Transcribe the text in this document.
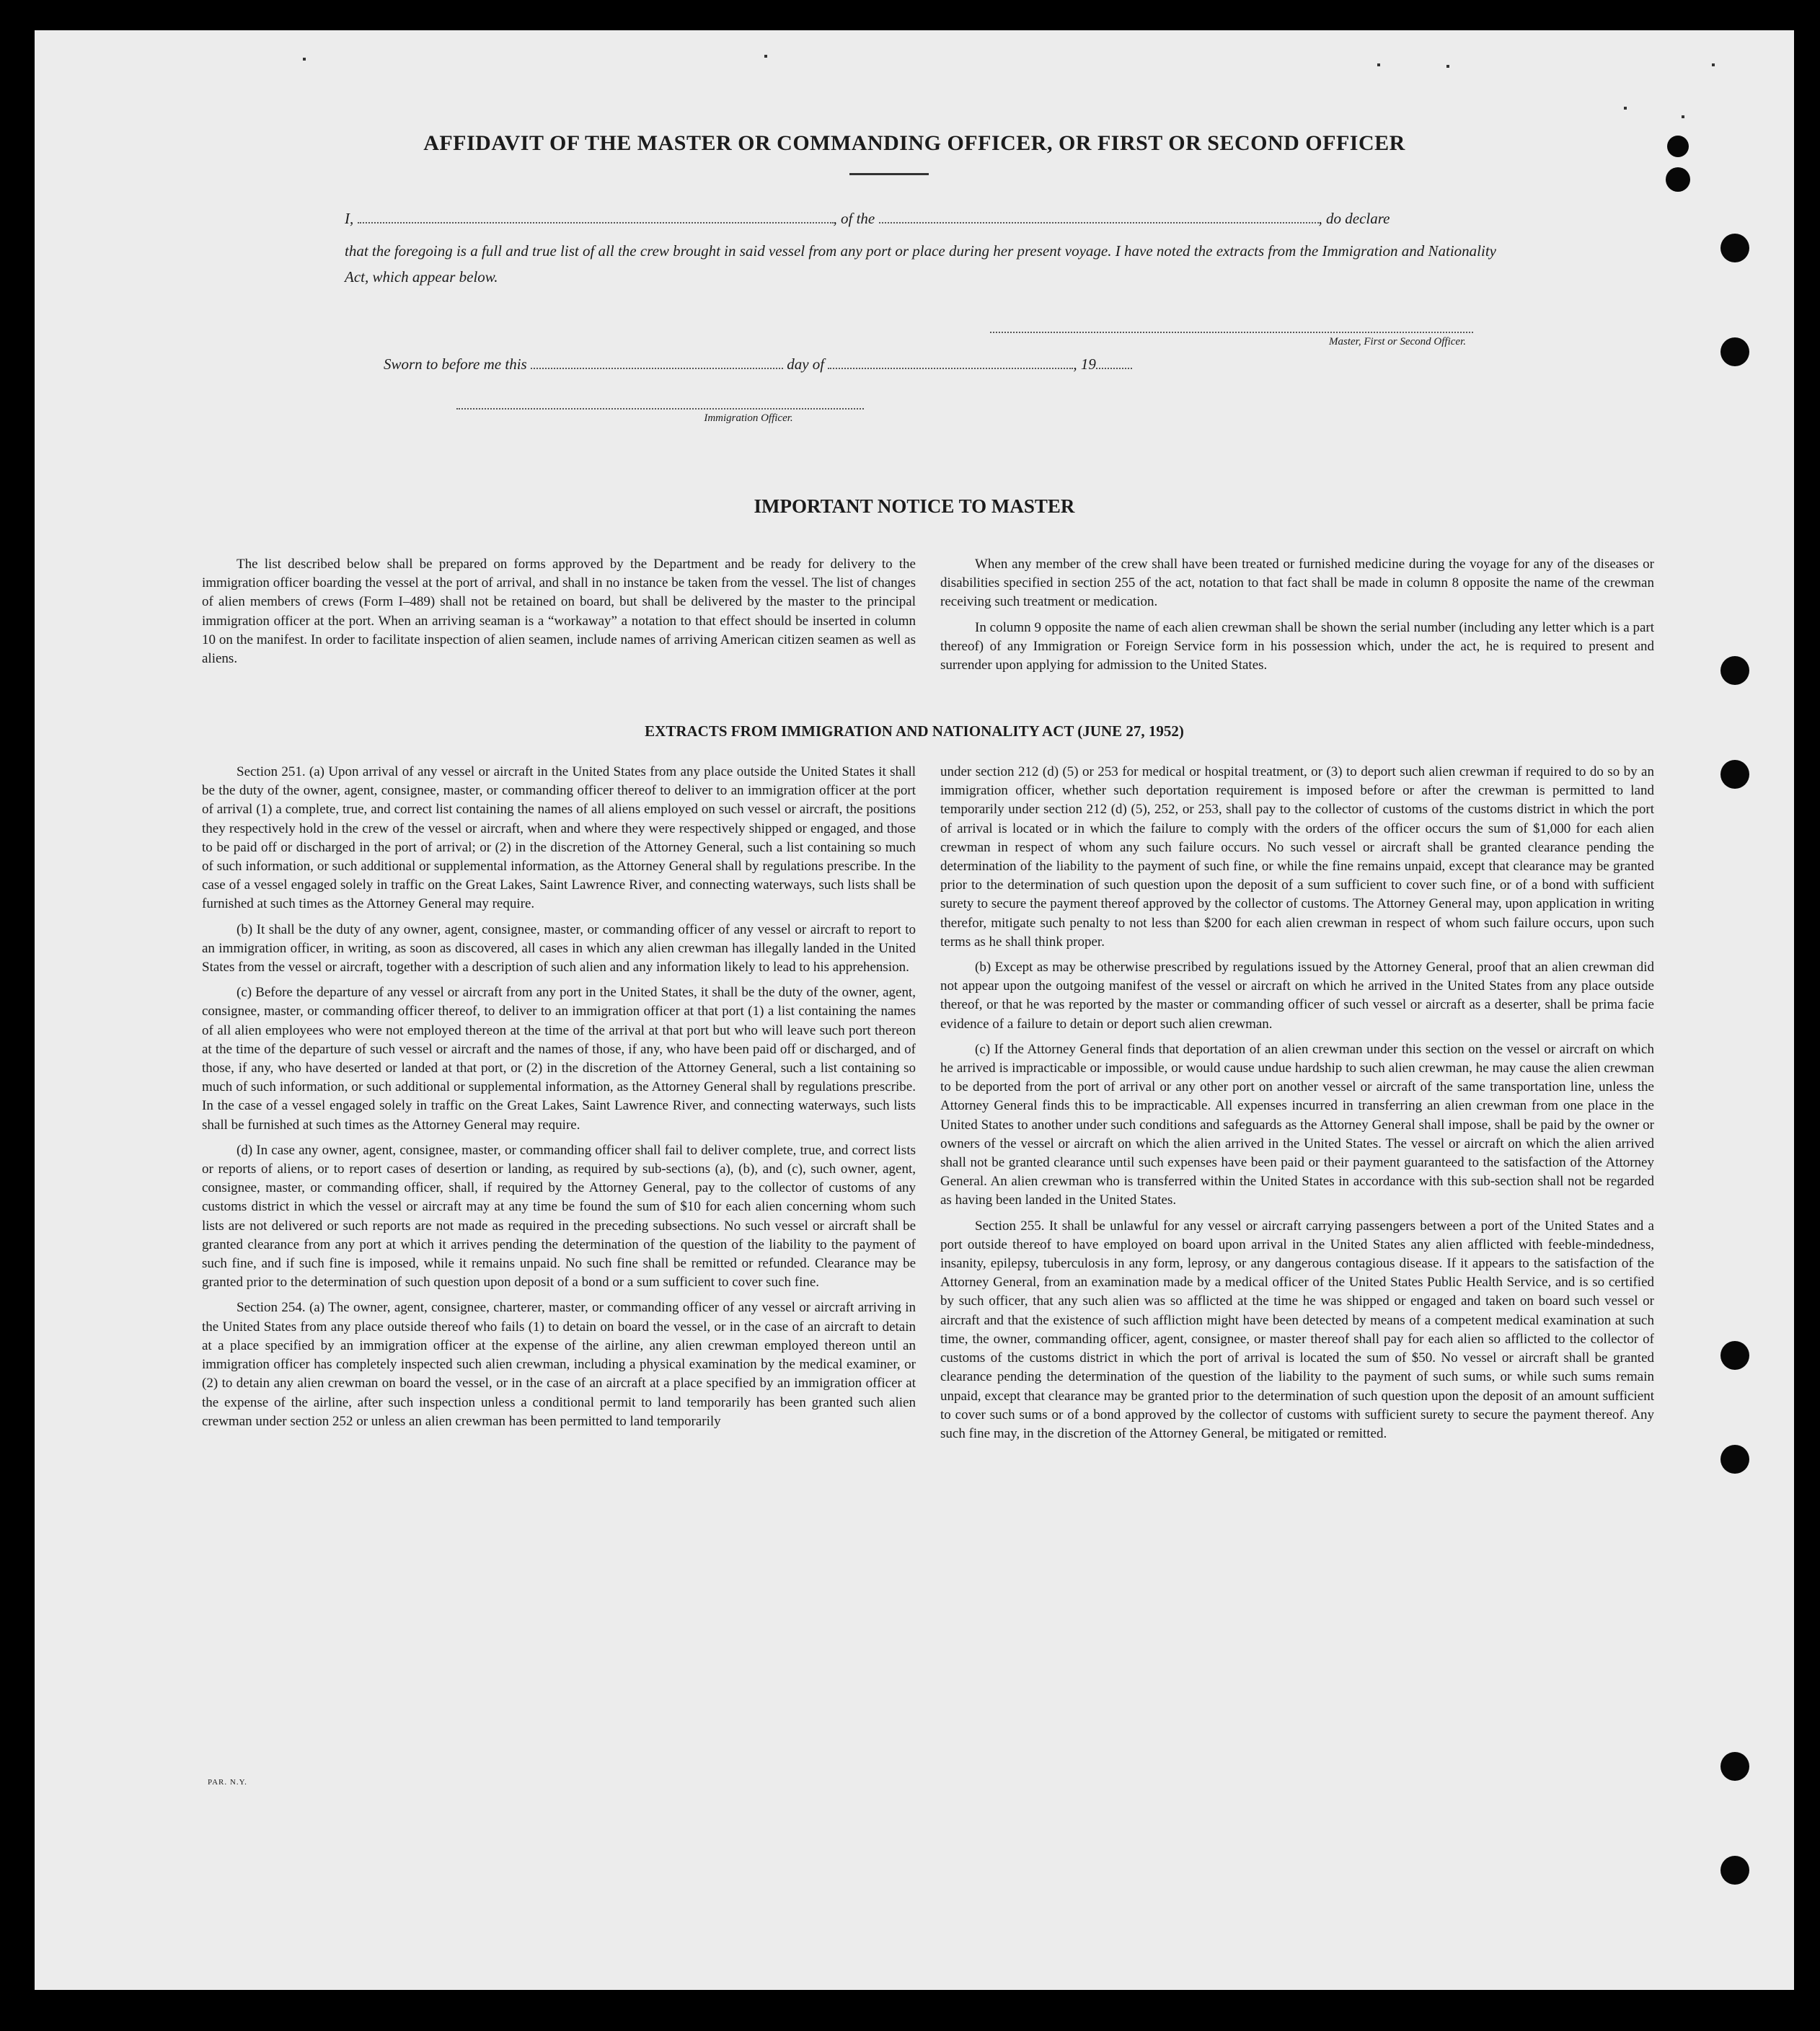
AFFIDAVIT OF THE MASTER OR COMMANDING OFFICER, OR FIRST OR SECOND OFFICER
I,	, of the	, do declare
that the foregoing is a full and true list of all the crew brought in said vessel from any port or place during her present voyage. I have noted the extracts from the Immigration and Nationality Act, which appear below.
Master, First or Second Officer.
Sworn to before me this	day of	, 19
Immigration Officer.
IMPORTANT NOTICE TO MASTER

The list described below shall be prepared on forms approved by the Department and be ready for delivery to the immigration officer boarding the vessel at the port of arrival, and shall in no instance be taken from the vessel. The list of changes of alien members of crews (Form I–489) shall not be retained on board, but shall be delivered by the master to the principal immigration officer at the port. When an arriving seaman is a “workaway” a notation to that effect should be inserted in column 10 on the manifest. In order to facilitate inspection of alien seamen, include names of arriving American citizen seamen as well as aliens.

When any member of the crew shall have been treated or furnished medicine during the voyage for any of the diseases or disabilities specified in section 255 of the act, notation to that fact shall be made in column 8 opposite the name of the crewman receiving such treatment or medication.

In column 9 opposite the name of each alien crewman shall be shown the serial number (including any letter which is a part thereof) of any Immigration or Foreign Service form in his possession which, under the act, he is required to present and surrender upon applying for admission to the United States.

EXTRACTS FROM IMMIGRATION AND NATIONALITY ACT (JUNE 27, 1952)

Section 251. (a) Upon arrival of any vessel or aircraft in the United States from any place outside the United States it shall be the duty of the owner, agent, consignee, master, or commanding officer thereof to deliver to an immigration officer at the port of arrival (1) a complete, true, and correct list containing the names of all aliens employed on such vessel or aircraft, the positions they respectively hold in the crew of the vessel or aircraft, when and where they were respectively shipped or engaged, and those to be paid off or discharged in the port of arrival; or (2) in the discretion of the Attorney General, such a list containing so much of such information, or such additional or supplemental information, as the Attorney General shall by regulations prescribe. In the case of a vessel engaged solely in traffic on the Great Lakes, Saint Lawrence River, and connecting waterways, such lists shall be furnished at such times as the Attorney General may require.

(b) It shall be the duty of any owner, agent, consignee, master, or commanding officer of any vessel or aircraft to report to an immigration officer, in writing, as soon as discovered, all cases in which any alien crewman has illegally landed in the United States from the vessel or aircraft, together with a description of such alien and any information likely to lead to his apprehension.

(c) Before the departure of any vessel or aircraft from any port in the United States, it shall be the duty of the owner, agent, consignee, master, or commanding officer thereof, to deliver to an immigration officer at that port (1) a list containing the names of all alien employees who were not employed thereon at the time of the arrival at that port but who will leave such port thereon at the time of the departure of such vessel or aircraft and the names of those, if any, who have been paid off or discharged, and of those, if any, who have deserted or landed at that port, or (2) in the discretion of the Attorney General, such a list containing so much of such information, or such additional or supplemental information, as the Attorney General shall by regulations prescribe. In the case of a vessel engaged solely in traffic on the Great Lakes, Saint Lawrence River, and connecting waterways, such lists shall be furnished at such times as the Attorney General may require.

(d) In case any owner, agent, consignee, master, or commanding officer shall fail to deliver complete, true, and correct lists or reports of aliens, or to report cases of desertion or landing, as required by sub-sections (a), (b), and (c), such owner, agent, consignee, master, or commanding officer, shall, if required by the Attorney General, pay to the collector of customs of any customs district in which the vessel or aircraft may at any time be found the sum of $10 for each alien concerning whom such lists are not delivered or such reports are not made as required in the preceding subsections. No such vessel or aircraft shall be granted clearance from any port at which it arrives pending the determination of the question of the liability to the payment of such fine, and if such fine is imposed, while it remains unpaid. No such fine shall be remitted or refunded. Clearance may be granted prior to the determination of such question upon deposit of a bond or a sum sufficient to cover such fine.

Section 254. (a) The owner, agent, consignee, charterer, master, or commanding officer of any vessel or aircraft arriving in the United States from any place outside thereof who fails (1) to detain on board the vessel, or in the case of an aircraft to detain at a place specified by an immigration officer at the expense of the airline, any alien crewman employed thereon until an immigration officer has completely inspected such alien crewman, including a physical examination by the medical examiner, or (2) to detain any alien crewman on board the vessel, or in the case of an aircraft at a place specified by an immigration officer at the expense of the airline, after such inspection unless a conditional permit to land temporarily has been granted such alien crewman under section 252 or unless an alien crewman has been permitted to land temporarily

under section 212 (d) (5) or 253 for medical or hospital treatment, or (3) to deport such alien crewman if required to do so by an immigration officer, whether such deportation requirement is imposed before or after the crewman is permitted to land temporarily under section 212 (d) (5), 252, or 253, shall pay to the collector of customs of the customs district in which the port of arrival is located or in which the failure to comply with the orders of the officer occurs the sum of $1,000 for each alien crewman in respect of whom any such failure occurs. No such vessel or aircraft shall be granted clearance pending the determination of the liability to the payment of such fine, or while the fine remains unpaid, except that clearance may be granted prior to the determination of such question upon the deposit of a sum sufficient to cover such fine, or of a bond with sufficient surety to secure the payment thereof approved by the collector of customs. The Attorney General may, upon application in writing therefor, mitigate such penalty to not less than $200 for each alien crewman in respect of whom such failure occurs, upon such terms as he shall think proper.

(b) Except as may be otherwise prescribed by regulations issued by the Attorney General, proof that an alien crewman did not appear upon the outgoing manifest of the vessel or aircraft on which he arrived in the United States from any place outside thereof, or that he was reported by the master or commanding officer of such vessel or aircraft as a deserter, shall be prima facie evidence of a failure to detain or deport such alien crewman.

(c) If the Attorney General finds that deportation of an alien crewman under this section on the vessel or aircraft on which he arrived is impracticable or impossible, or would cause undue hardship to such alien crewman, he may cause the alien crewman to be deported from the port of arrival or any other port on another vessel or aircraft of the same transportation line, unless the Attorney General finds this to be impracticable. All expenses incurred in transferring an alien crewman from one place in the United States to another under such conditions and safeguards as the Attorney General shall impose, shall be paid by the owner or owners of the vessel or aircraft on which the alien arrived in the United States. The vessel or aircraft on which the alien arrived shall not be granted clearance until such expenses have been paid or their payment guaranteed to the satisfaction of the Attorney General. An alien crewman who is transferred within the United States in accordance with this sub-section shall not be regarded as having been landed in the United States.

Section 255. It shall be unlawful for any vessel or aircraft carrying passengers between a port of the United States and a port outside thereof to have employed on board upon arrival in the United States any alien afflicted with feeble-mindedness, insanity, epilepsy, tuberculosis in any form, leprosy, or any dangerous contagious disease. If it appears to the satisfaction of the Attorney General, from an examination made by a medical officer of the United States Public Health Service, and is so certified by such officer, that any such alien was so afflicted at the time he was shipped or engaged and taken on board such vessel or aircraft and that the existence of such affliction might have been detected by means of a competent medical examination at such time, the owner, commanding officer, agent, consignee, or master thereof shall pay for each alien so afflicted to the collector of customs of the customs district in which the port of arrival is located the sum of $50. No vessel or aircraft shall be granted clearance pending the determination of the question of the liability to the payment of such sums, or while such sums remain unpaid, except that clearance may be granted prior to the determination of such question upon the deposit of an amount sufficient to cover such sums or of a bond approved by the collector of customs with sufficient surety to secure the payment thereof. Any such fine may, in the discretion of the Attorney General, be mitigated or remitted.

PAR. N.Y.
